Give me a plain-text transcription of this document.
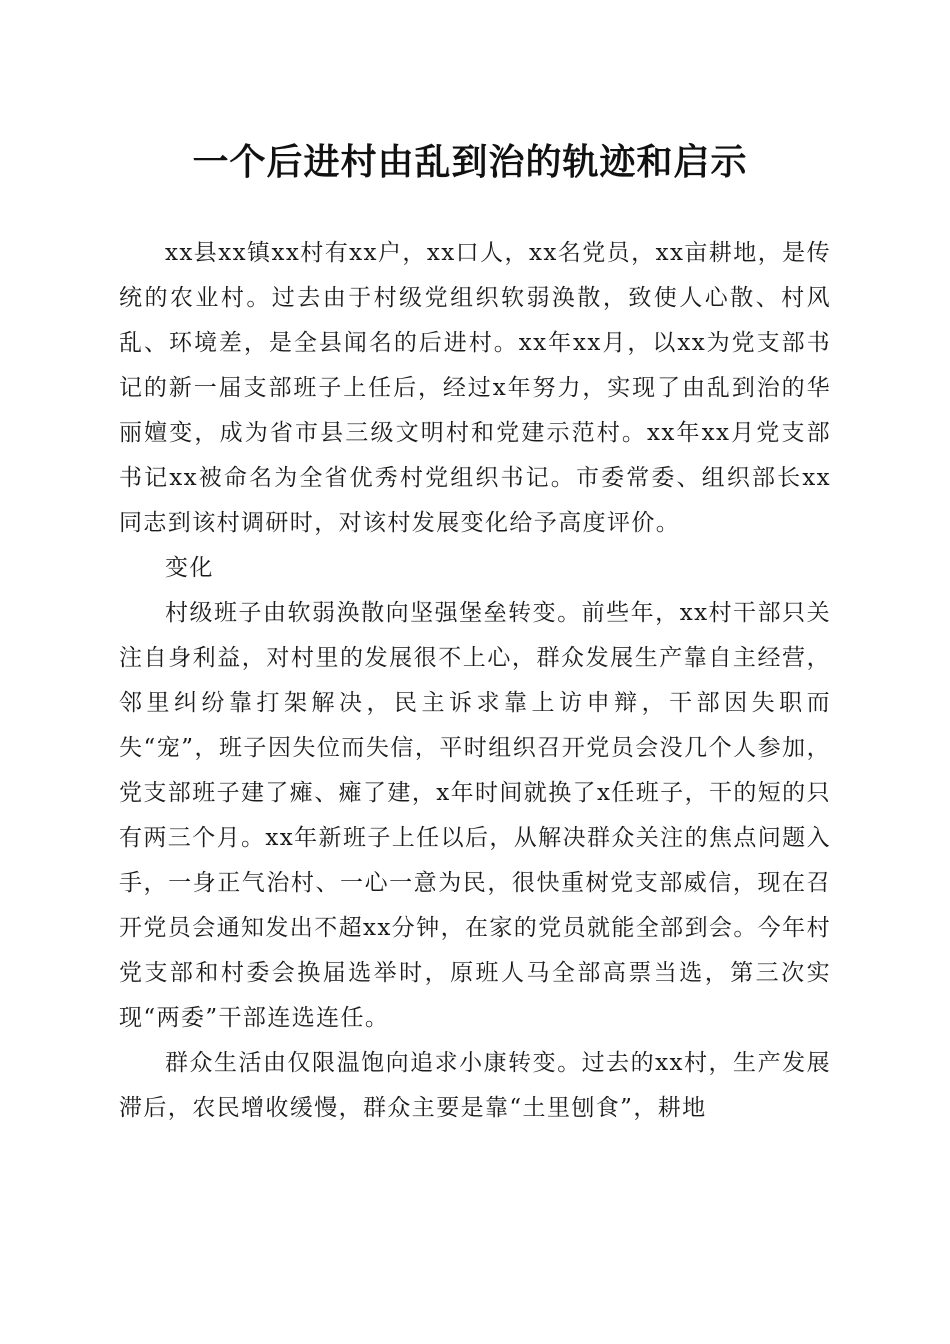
一个后进村由乱到治的轨迹和启示

xx县xx镇xx村有xx户，xx口人，xx名党员，xx亩耕地，是传统的农业村。过去由于村级党组织软弱涣散，致使人心散、村风乱、环境差，是全县闻名的后进村。xx年xx月，以xx为党支部书记的新一届支部班子上任后，经过x年努力，实现了由乱到治的华丽嬗变，成为省市县三级文明村和党建示范村。xx年xx月党支部书记xx被命名为全省优秀村党组织书记。市委常委、组织部长xx同志到该村调研时，对该村发展变化给予高度评价。

变化

村级班子由软弱涣散向坚强堡垒转变。前些年，xx村干部只关注自身利益，对村里的发展很不上心，群众发展生产靠自主经营，邻里纠纷靠打架解决，民主诉求靠上访申辩，干部因失职而失“宠”，班子因失位而失信，平时组织召开党员会没几个人参加，党支部班子建了瘫、瘫了建，x年时间就换了x任班子，干的短的只有两三个月。xx年新班子上任以后，从解决群众关注的焦点问题入手，一身正气治村、一心一意为民，很快重树党支部威信，现在召开党员会通知发出不超xx分钟，在家的党员就能全部到会。今年村党支部和村委会换届选举时，原班人马全部高票当选，第三次实现“两委”干部连选连任。

群众生活由仅限温饱向追求小康转变。过去的xx村，生产发展滞后，农民增收缓慢，群众主要是靠“土里刨食”，耕地
